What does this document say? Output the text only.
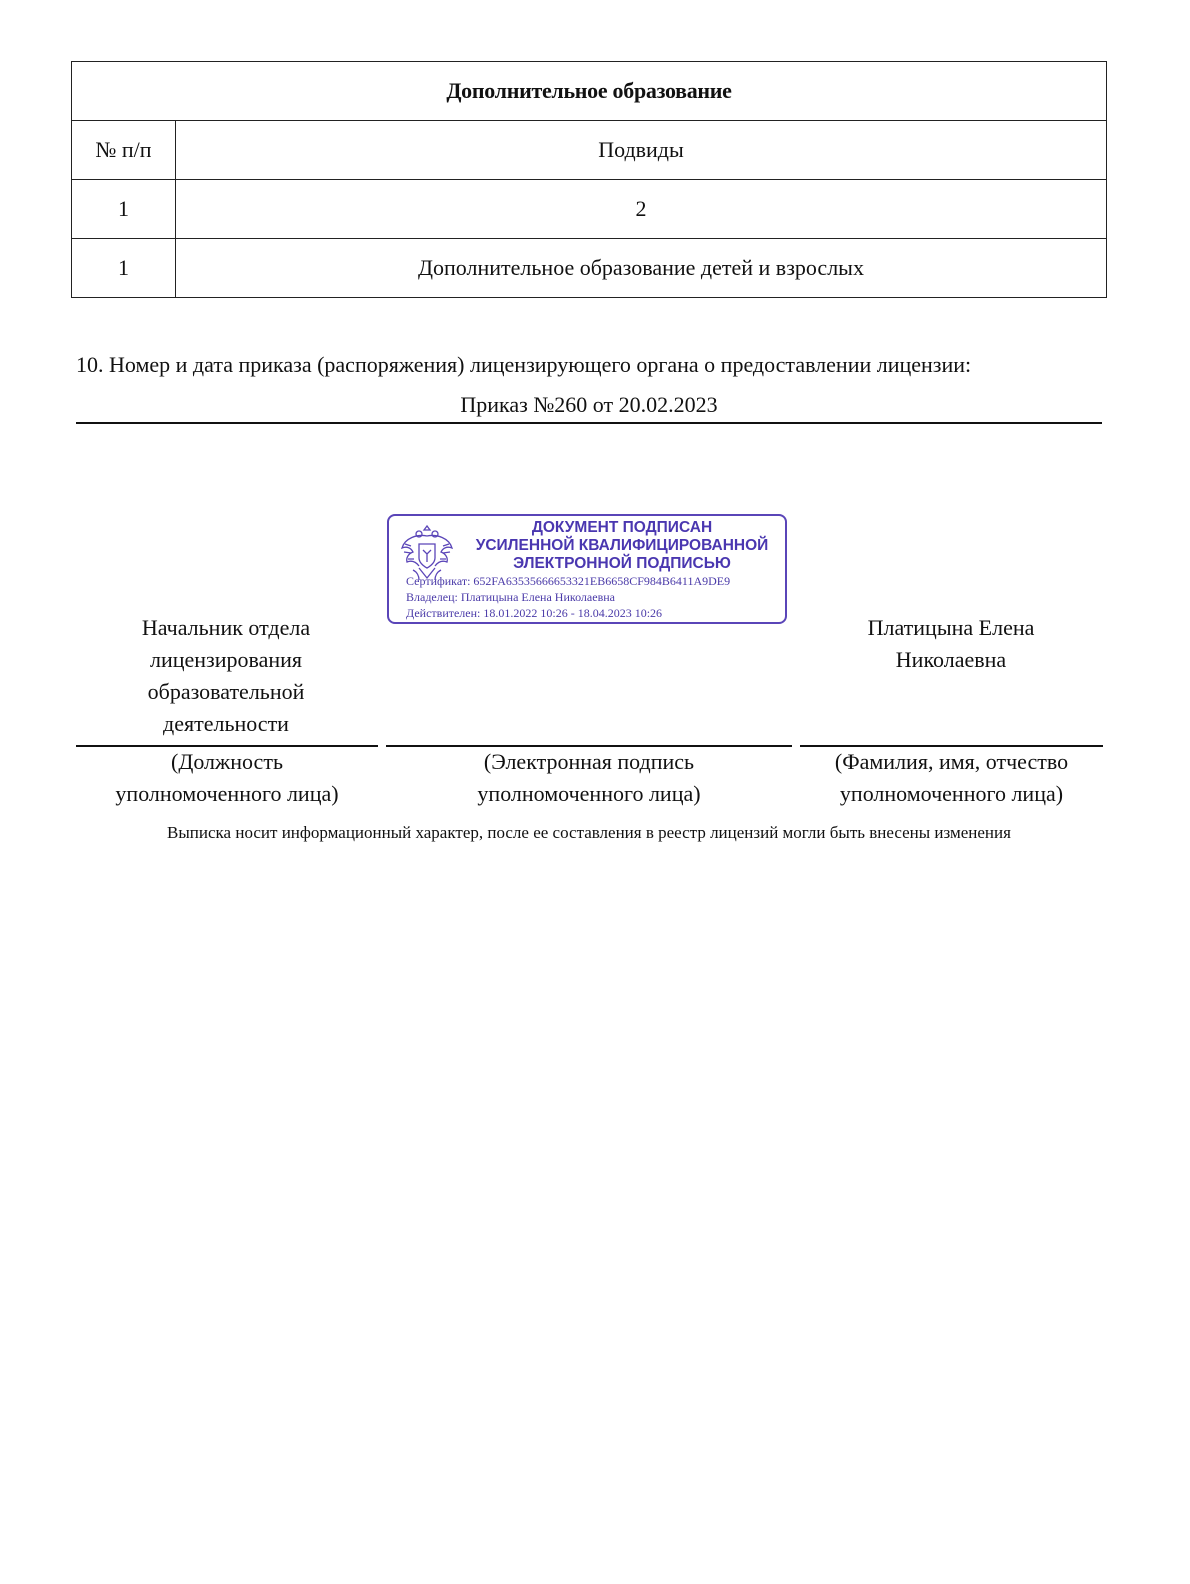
Дополнительное образование	
№ п/п	Подвиды
1	2
1	Дополнительное образование детей и взрослых
10. Номер и дата приказа (распоряжения) лицензирующего органа о предоставлении лицензии:
Приказ №260 от 20.02.2023
ДОКУМЕНТ ПОДПИСАН
УСИЛЕННОЙ КВАЛИФИЦИРОВАННОЙ
ЭЛЕКТРОННОЙ ПОДПИСЬЮ
Сертификат: 652FA63535666653321EB6658CF984B6411A9DE9
Владелец: Платицына Елена Николаевна
Действителен: 18.01.2022 10:26 - 18.04.2023 10:26
Начальник отдела
лицензирования
образовательной
деятельности
Платицына Елена
Николаевна
(Должность
уполномоченного лица)
(Электронная подпись
уполномоченного лица)
(Фамилия, имя, отчество
уполномоченного лица)
Выписка носит информационный характер, после ее составления в реестр лицензий могли быть внесены изменения
